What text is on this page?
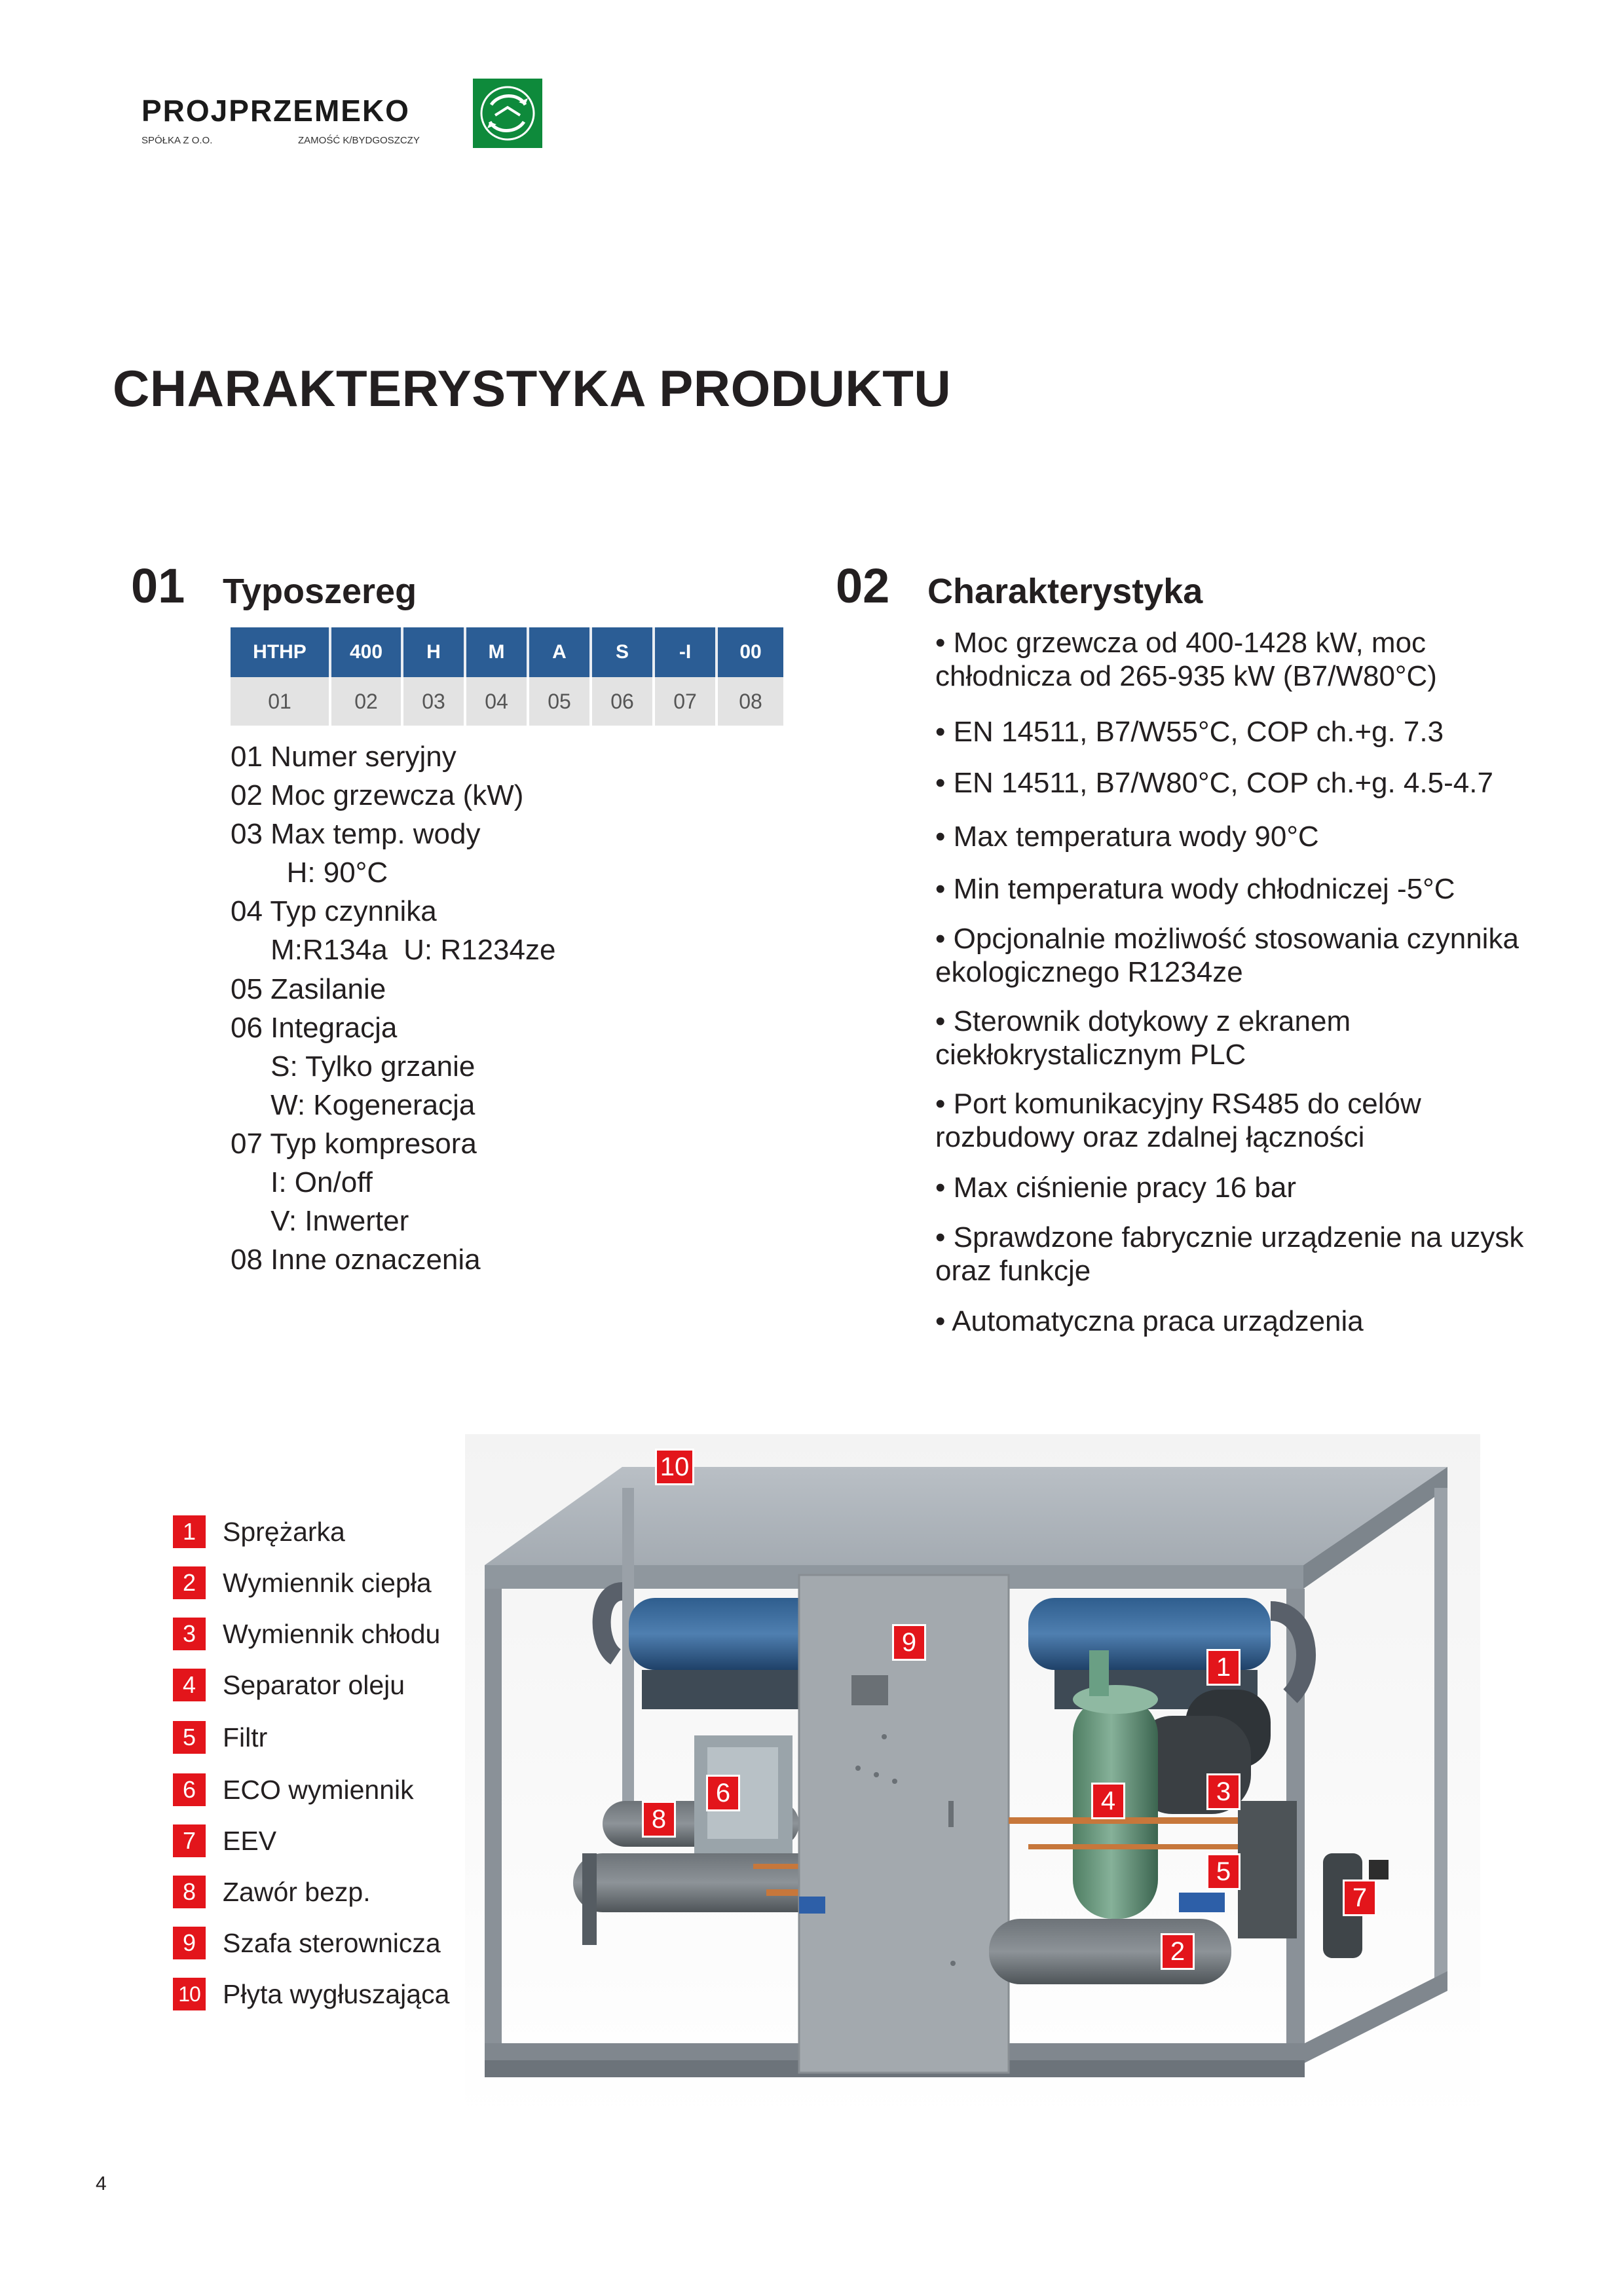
PROJPRZEMEKO
SPÓŁKA Z O.O.	ZAMOŚĆ K/BYDGOSZCZY
CHARAKTERYSTYKA PRODUKTU
01 Typoszereg
HTHP	400	H	M	A	S	-I	00
01	02	03	04	05	06	07	08
01 Numer seryjny
02 Moc grzewcza (kW)
03 Max temp. wody
H: 90°C
04 Typ czynnika
M:R134a  U: R1234ze
05 Zasilanie
06 Integracja
S: Tylko grzanie
W: Kogeneracja
07 Typ kompresora
I: On/off
V: Inwerter
08 Inne oznaczenia
02 Charakterystyka
• Moc grzewcza od 400-1428 kW, moc chłodnicza od 265-935 kW (B7/W80°C)
• EN 14511, B7/W55°C, COP ch.+g. 7.3
• EN 14511, B7/W80°C, COP ch.+g. 4.5-4.7
• Max temperatura wody 90°C
• Min temperatura wody chłodniczej -5°C
• Opcjonalnie możliwość stosowania czynnika ekologicznego R1234ze
• Sterownik dotykowy z ekranem ciekłokrystalicznym PLC
• Port komunikacyjny RS485 do celów rozbudowy oraz zdalnej łączności
• Max ciśnienie pracy 16 bar
• Sprawdzone fabrycznie urządzenie na uzysk oraz funkcje
• Automatyczna praca urządzenia
1 Sprężarka
2 Wymiennik ciepła
3 Wymiennik chłodu
4 Separator oleju
5 Filtr
6 ECO wymiennik
7 EEV
8 Zawór bezp.
9 Szafa sterownicza
10 Płyta wygłuszająca
10
9
1
6
8
4	3
5
7
2
4
